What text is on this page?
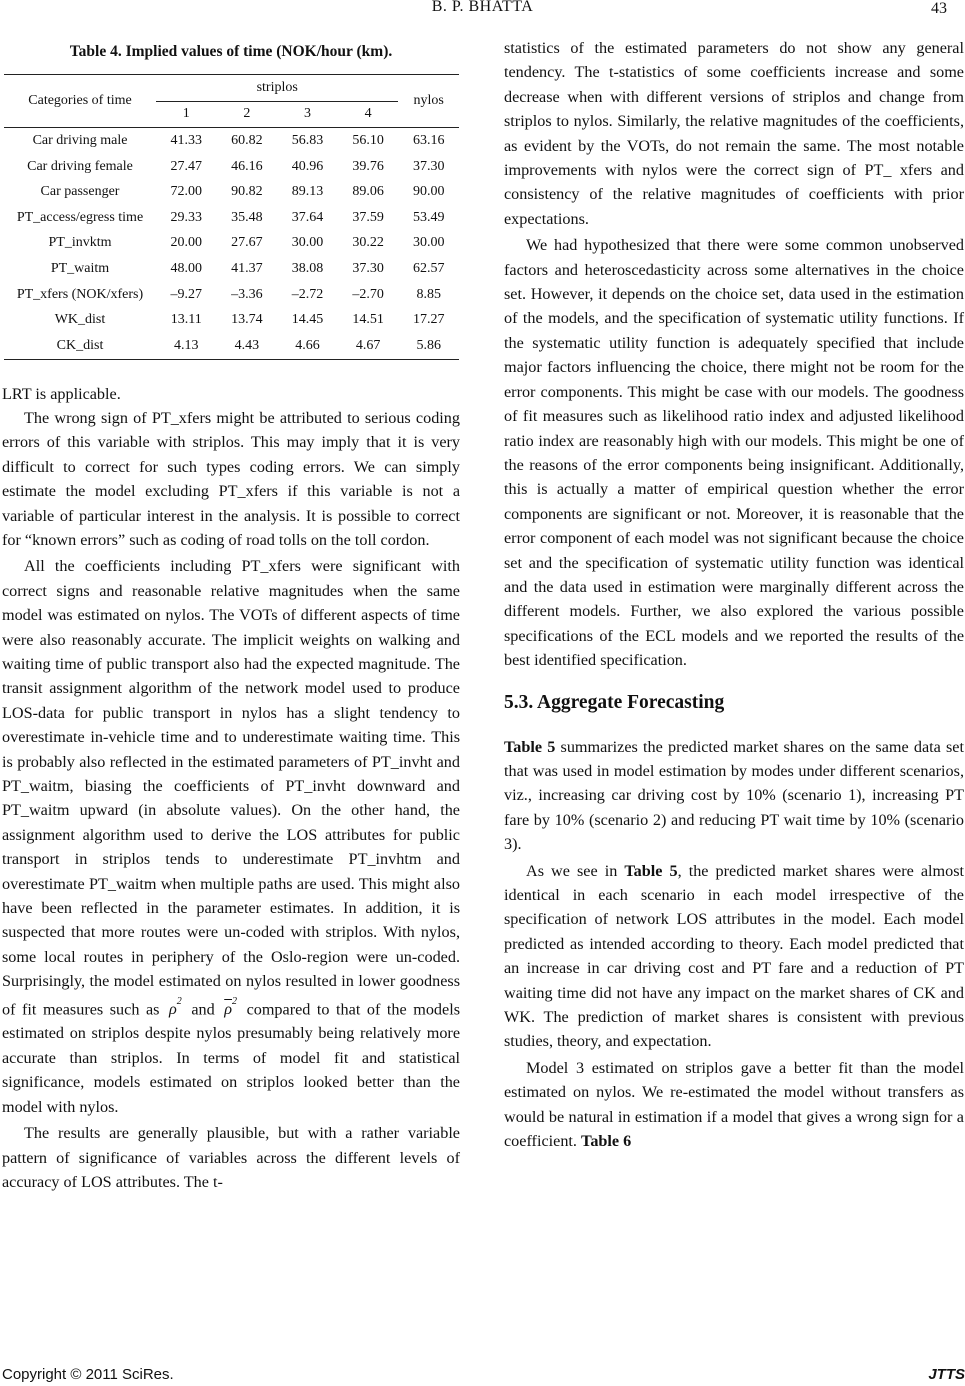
B. P. BHATTA	43
Table 4. Implied values of time (NOK/hour (km).
Categories of time	striplos				nylos
	1	2	3	4	
Car driving male	41.33	60.82	56.83	56.10	63.16
Car driving female	27.47	46.16	40.96	39.76	37.30
Car passenger	72.00	90.82	89.13	89.06	90.00
PT_access/egress time	29.33	35.48	37.64	37.59	53.49
PT_invktm	20.00	27.67	30.00	30.22	30.00
PT_waitm	48.00	41.37	38.08	37.30	62.57
PT_xfers (NOK/xfers)	–9.27	–3.36	–2.72	–2.70	8.85
WK_dist	13.11	13.74	14.45	14.51	17.27
CK_dist	4.13	4.43	4.66	4.67	5.86

LRT is applicable.

The wrong sign of PT_xfers might be attributed to serious coding errors of this variable with striplos. This may imply that it is very difficult to correct for such types coding errors. We can simply estimate the model excluding PT_xfers if this variable is not a variable of particular interest in the analysis. It is possible to correct for “known errors” such as coding of road tolls on the toll cordon.

All the coefficients including PT_xfers were significant with correct signs and reasonable relative magnitudes when the same model was estimated on nylos. The VOTs of different aspects of time were also reasonably accurate. The implicit weights on walking and waiting time of public transport also had the expected magnitude. The transit assignment algorithm of the network model used to produce LOS-data for public transport in nylos has a slight tendency to overestimate in-vehicle time and to underestimate waiting time. This is probably also reflected in the estimated parameters of PT_invht and PT_waitm, biasing the coefficients of PT_invht downward and PT_waitm upward (in absolute values). On the other hand, the assignment algorithm used to derive the LOS attributes for public transport in striplos tends to underestimate PT_invhtm and overestimate PT_waitm when multiple paths are used. This might also have been reflected in the parameter estimates. In addition, it is suspected that more routes were un-coded with striplos. With nylos, some local routes in periphery of the Oslo-region were un-coded. Surprisingly, the model estimated on nylos resulted in lower goodness of fit measures such as $\rho^2$ and $\overline{\rho}^2$ compared to that of the models estimated on striplos despite nylos presumably being relatively more accurate than striplos. In terms of model fit and statistical significance, models estimated on striplos looked better than the model with nylos.

The results are generally plausible, but with a rather variable pattern of significance of variables across the different levels of accuracy of LOS attributes. The t-

statistics of the estimated parameters do not show any general tendency. The t-statistics of some coefficients increase and some decrease when with different versions of striplos and change from striplos to nylos. Similarly, the relative magnitudes of the coefficients, as evident by the VOTs, do not remain the same. The most notable improvements with nylos were the correct sign of PT_ xfers and consistency of the relative magnitudes of coefficients with prior expectations.

We had hypothesized that there were some common unobserved factors and heteroscedasticity across some alternatives in the choice set. However, it depends on the choice set, data used in the estimation of the models, and the specification of systematic utility functions. If the systematic utility function is adequately specified that include major factors influencing the choice, there might not be room for the error components. This might be case with our models. The goodness of fit measures such as likelihood ratio index and adjusted likelihood ratio index are reasonably high with our models. This might be one of the reasons of the error components being insignificant. Additionally, this is actually a matter of empirical question whether the error components are significant or not. Moreover, it is reasonable that the error component of each model was not significant because the choice set and the specification of systematic utility function was identical and the data used in estimation were marginally different across the different models. Further, we also explored the various possible specifications of the ECL models and we reported the results of the best identified specification.

5.3. Aggregate Forecasting

Table 5 summarizes the predicted market shares on the same data set that was used in model estimation by modes under different scenarios, viz., increasing car driving cost by 10% (scenario 1), increasing PT fare by 10% (scenario 2) and reducing PT wait time by 10% (scenario 3).

As we see in Table 5, the predicted market shares were almost identical in each scenario in each model irrespective of the specification of network LOS attributes in the model. Each model predicted as intended according to theory. Each model predicted that an increase in car driving cost and PT fare and a reduction of PT waiting time did not have any impact on the market shares of CK and WK. The prediction of market shares is consistent with previous studies, theory, and expectation.

Model 3 estimated on striplos gave a better fit than the model estimated on nylos. We re-estimated the model without transfers as would be natural in estimation if a model that gives a wrong sign for a coefficient. Table 6

Copyright © 2011 SciRes.	JTTS
